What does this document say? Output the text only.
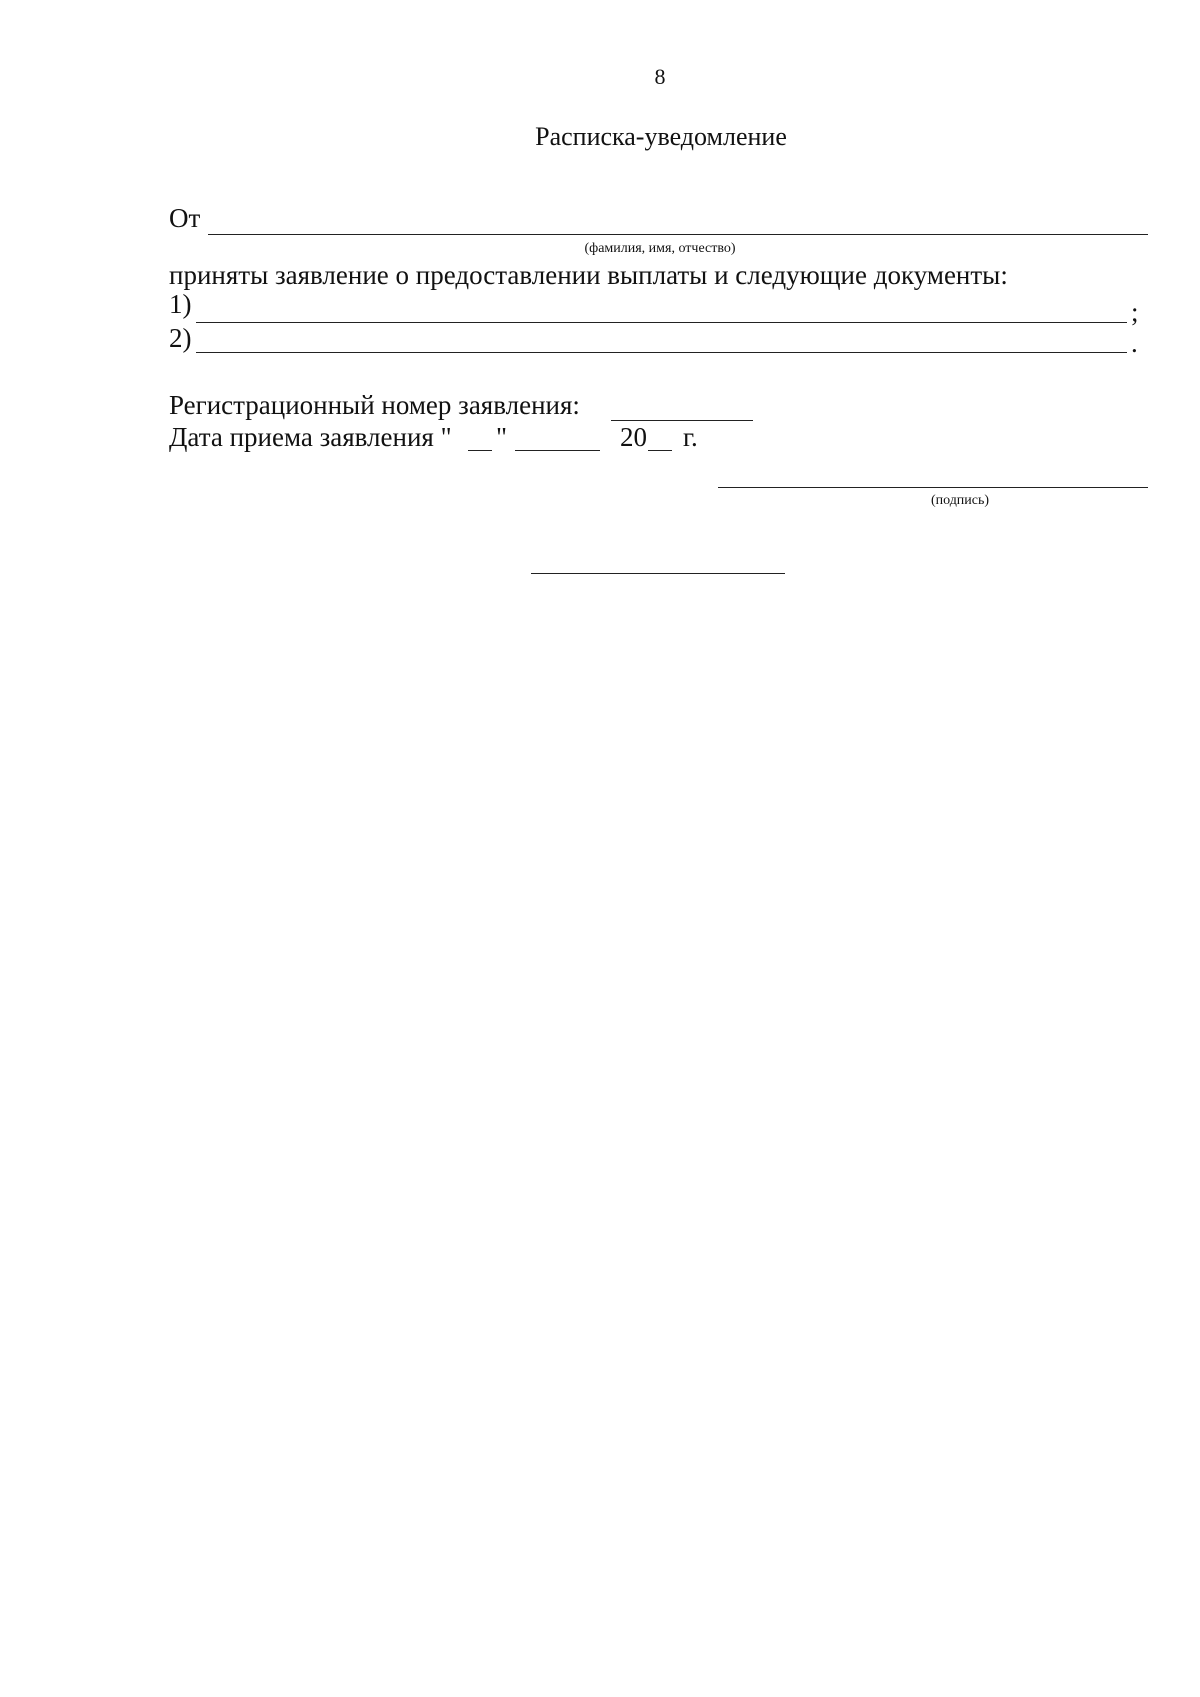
8
Расписка-уведомление
От
(фамилия, имя, отчество)
приняты заявление о предоставлении выплаты и следующие документы:
1)	;
2)	.
Регистрационный номер заявления:
Дата приема заявления " "	20 г.
(подпись)
